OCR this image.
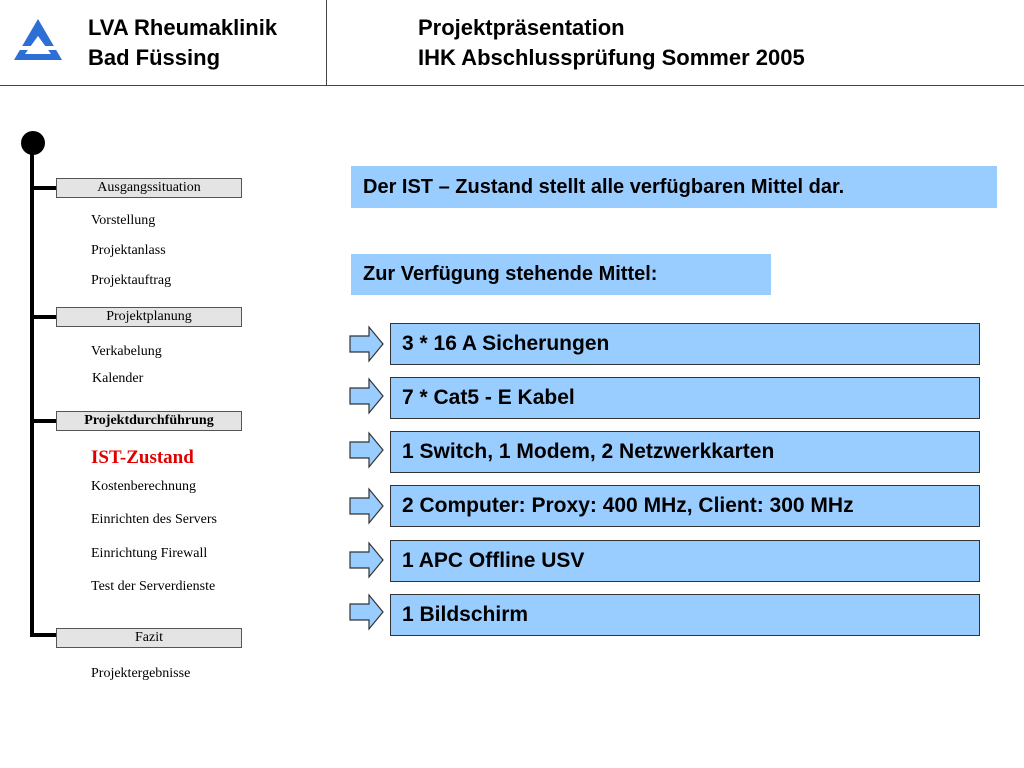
LVA Rheumaklinik
Bad Füssing
Projektpräsentation
IHK Abschlussprüfung Sommer 2005
Ausgangssituation
Vorstellung
Projektanlass
Projektauftrag
Projektplanung
Verkabelung
Kalender
Projektdurchführung
IST-Zustand
Kostenberechnung
Einrichten des Servers
Einrichtung Firewall
Test der Serverdienste
Fazit
Projektergebnisse
Der IST – Zustand stellt alle verfügbaren Mittel dar.
Zur Verfügung stehende Mittel:
3 * 16 A Sicherungen
7 * Cat5 - E Kabel
1 Switch, 1 Modem, 2 Netzwerkkarten
2 Computer: Proxy: 400 MHz, Client: 300 MHz
1 APC Offline USV
1 Bildschirm
